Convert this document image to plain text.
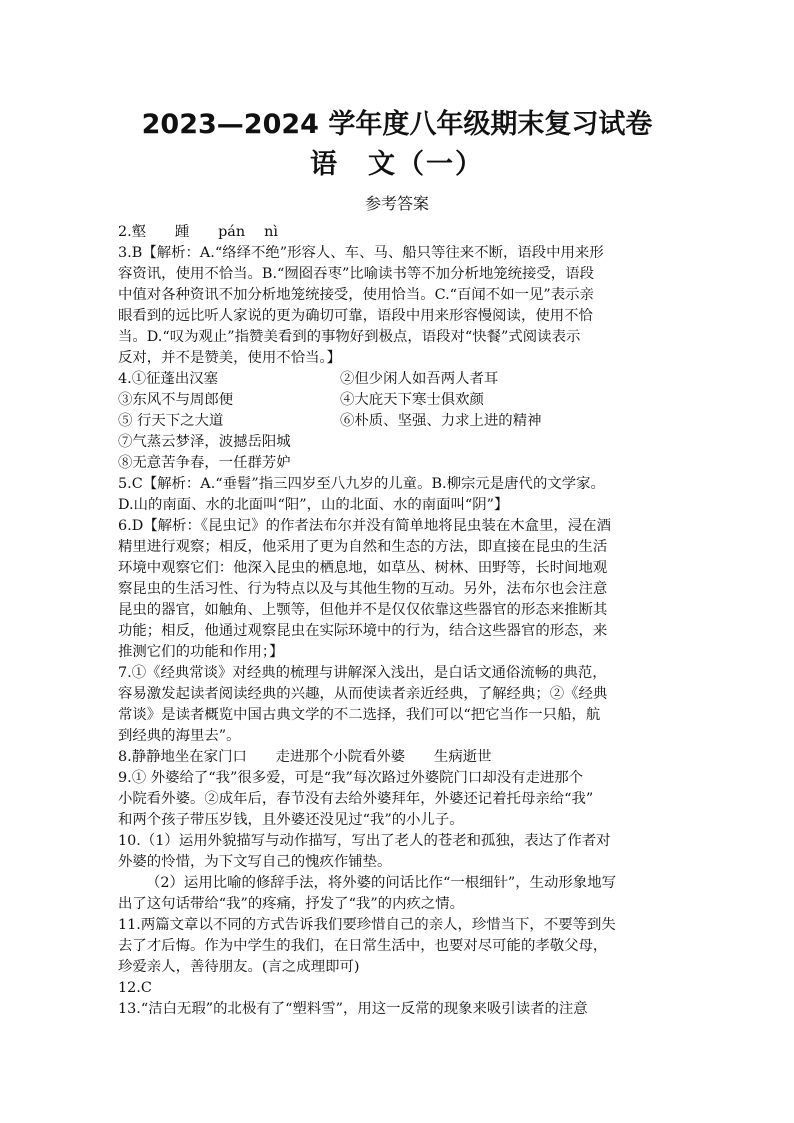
2023—2024 学年度八年级期末复习试卷
语　文（一）
参考答案
2.壑　　踵　　pán　 nì
3.B【解析：A.“络绎不绝”形容人、车、马、船只等往来不断，语段中用来形
容资讯，使用不恰当。B.“囫囵吞枣”比喻读书等不加分析地笼统接受，语段
中值对各种资讯不加分析地笼统接受，使用恰当。C.“百闻不如一见”表示亲
眼看到的远比听人家说的更为确切可靠，语段中用来形容慢阅读，使用不恰
当。D.“叹为观止”指赞美看到的事物好到极点，语段对“快餐”式阅读表示
反对，并不是赞美，使用不恰当。】
4.①征蓬出汉塞	②但少闲人如吾两人者耳
③东风不与周郎便	④大庇天下寒士俱欢颜
⑤ 行天下之大道	⑥朴质、坚强、力求上进的精神
⑦气蒸云梦泽，波撼岳阳城
⑧无意苦争春，一任群芳妒
5.C【解析：A.“垂髫”指三四岁至八九岁的儿童。B.柳宗元是唐代的文学家。
D.山的南面、水的北面叫“阳”，山的北面、水的南面叫“阴”】
6.D【解析：《昆虫记》的作者法布尔并没有简单地将昆虫装在木盒里，浸在酒
精里进行观察；相反，他采用了更为自然和生态的方法，即直接在昆虫的生活
环境中观察它们：他深入昆虫的栖息地，如草丛、树林、田野等，长时间地观
察昆虫的生活习性、行为特点以及与其他生物的互动。另外，法布尔也会注意
昆虫的器官，如触角、上颚等，但他并不是仅仅依靠这些器官的形态来推断其
功能；相反，他通过观察昆虫在实际环境中的行为，结合这些器官的形态，来
推测它们的功能和作用；】
7.①《经典常谈》对经典的梳理与讲解深入浅出，是白话文通俗流畅的典范，
容易激发起读者阅读经典的兴趣，从而使读者亲近经典，了解经典；②《经典
常谈》是读者概览中国古典文学的不二选择，我们可以“把它当作一只船，航
到经典的海里去”。
8.静静地坐在家门口　　走进那个小院看外婆　　生病逝世
9.① 外婆给了“我”很多爱，可是“我”每次路过外婆院门口却没有走进那个
小院看外婆。②成年后，春节没有去给外婆拜年，外婆还记着托母亲给“我”
和两个孩子带压岁钱，且外婆还没见过“我”的小儿子。
10.（1）运用外貌描写与动作描写，写出了老人的苍老和孤独，表达了作者对
外婆的怜惜，为下文写自己的愧疚作铺垫。
（2）运用比喻的修辞手法，将外婆的问话比作“一根细针”，生动形象地写
出了这句话带给“我”的疼痛，抒发了“我”的内疚之情。
11.两篇文章以不同的方式告诉我们要珍惜自己的亲人，珍惜当下，不要等到失
去了才后悔。作为中学生的我们，在日常生活中，也要对尽可能的孝敬父母，
珍爱亲人，善待朋友。(言之成理即可)
12.C
13.“洁白无瑕”的北极有了“塑料雪”，用这一反常的现象来吸引读者的注意
